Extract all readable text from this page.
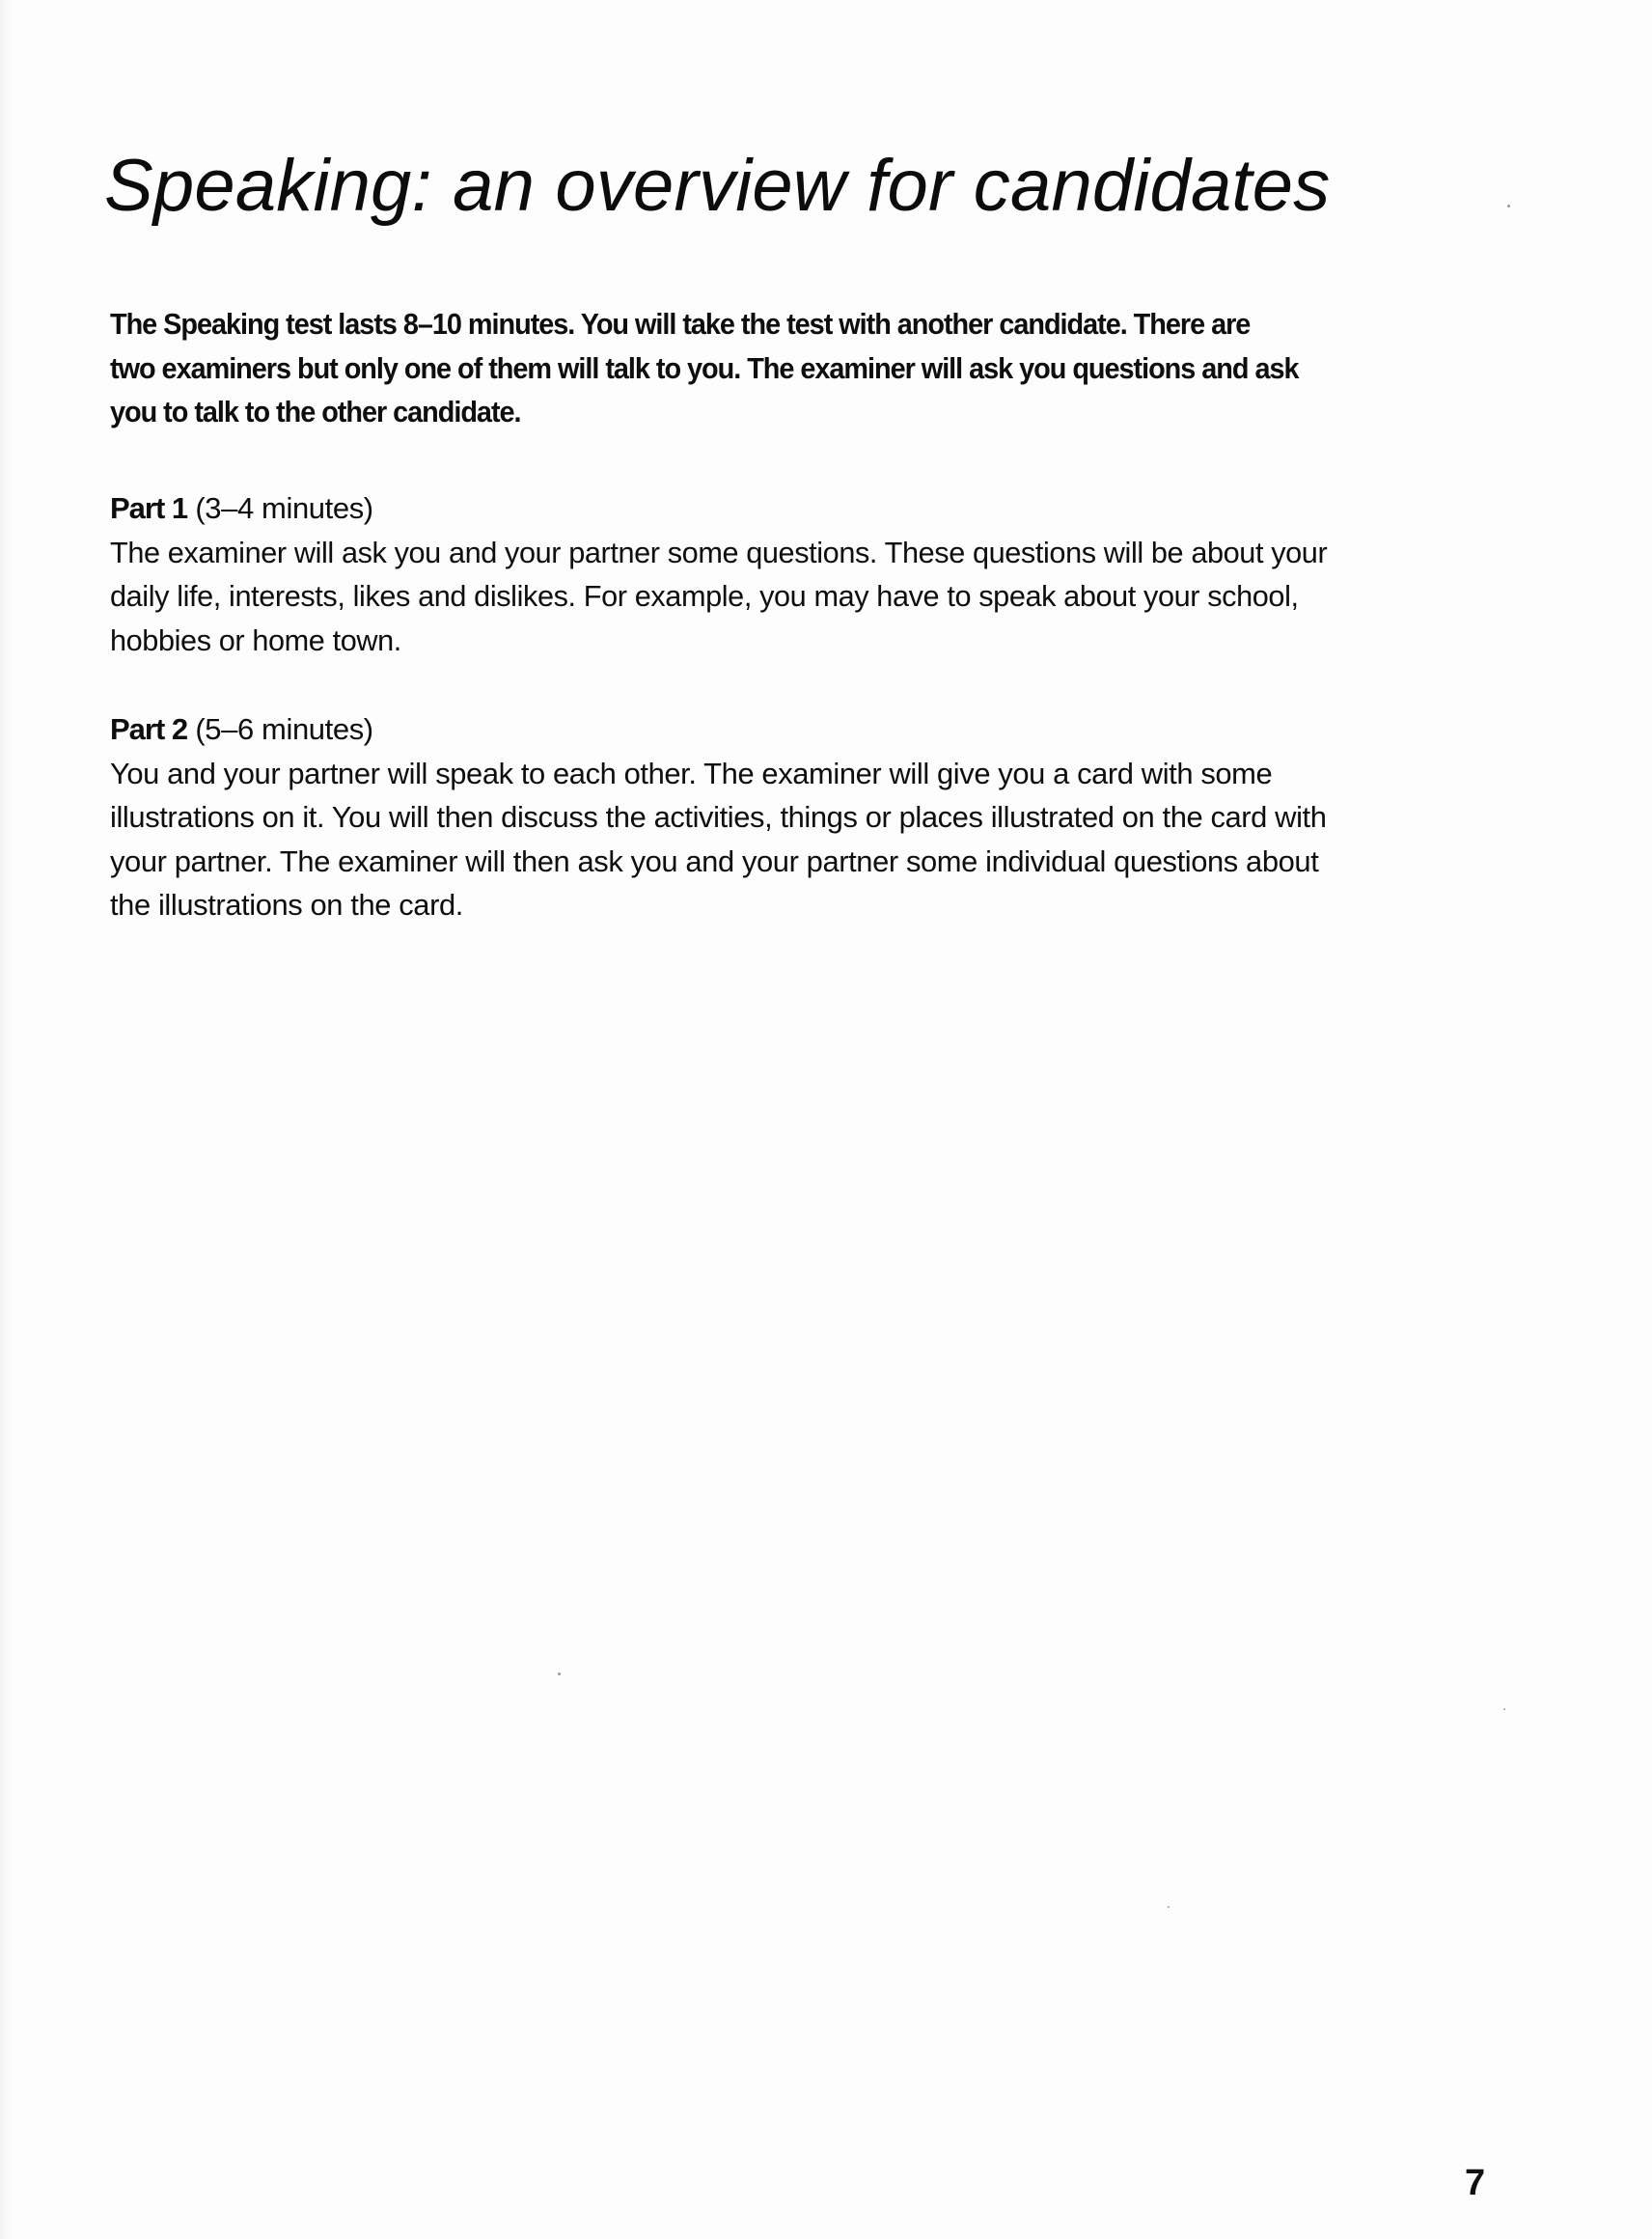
Speaking: an overview for candidates
The Speaking test lasts 8–10 minutes. You will take the test with another candidate. There are
two examiners but only one of them will talk to you. The examiner will ask you questions and ask
you to talk to the other candidate.
Part 1 (3–4 minutes)
The examiner will ask you and your partner some questions. These questions will be about your
daily life, interests, likes and dislikes. For example, you may have to speak about your school,
hobbies or home town.
Part 2 (5–6 minutes)
You and your partner will speak to each other. The examiner will give you a card with some
illustrations on it. You will then discuss the activities, things or places illustrated on the card with
your partner. The examiner will then ask you and your partner some individual questions about
the illustrations on the card.
7
